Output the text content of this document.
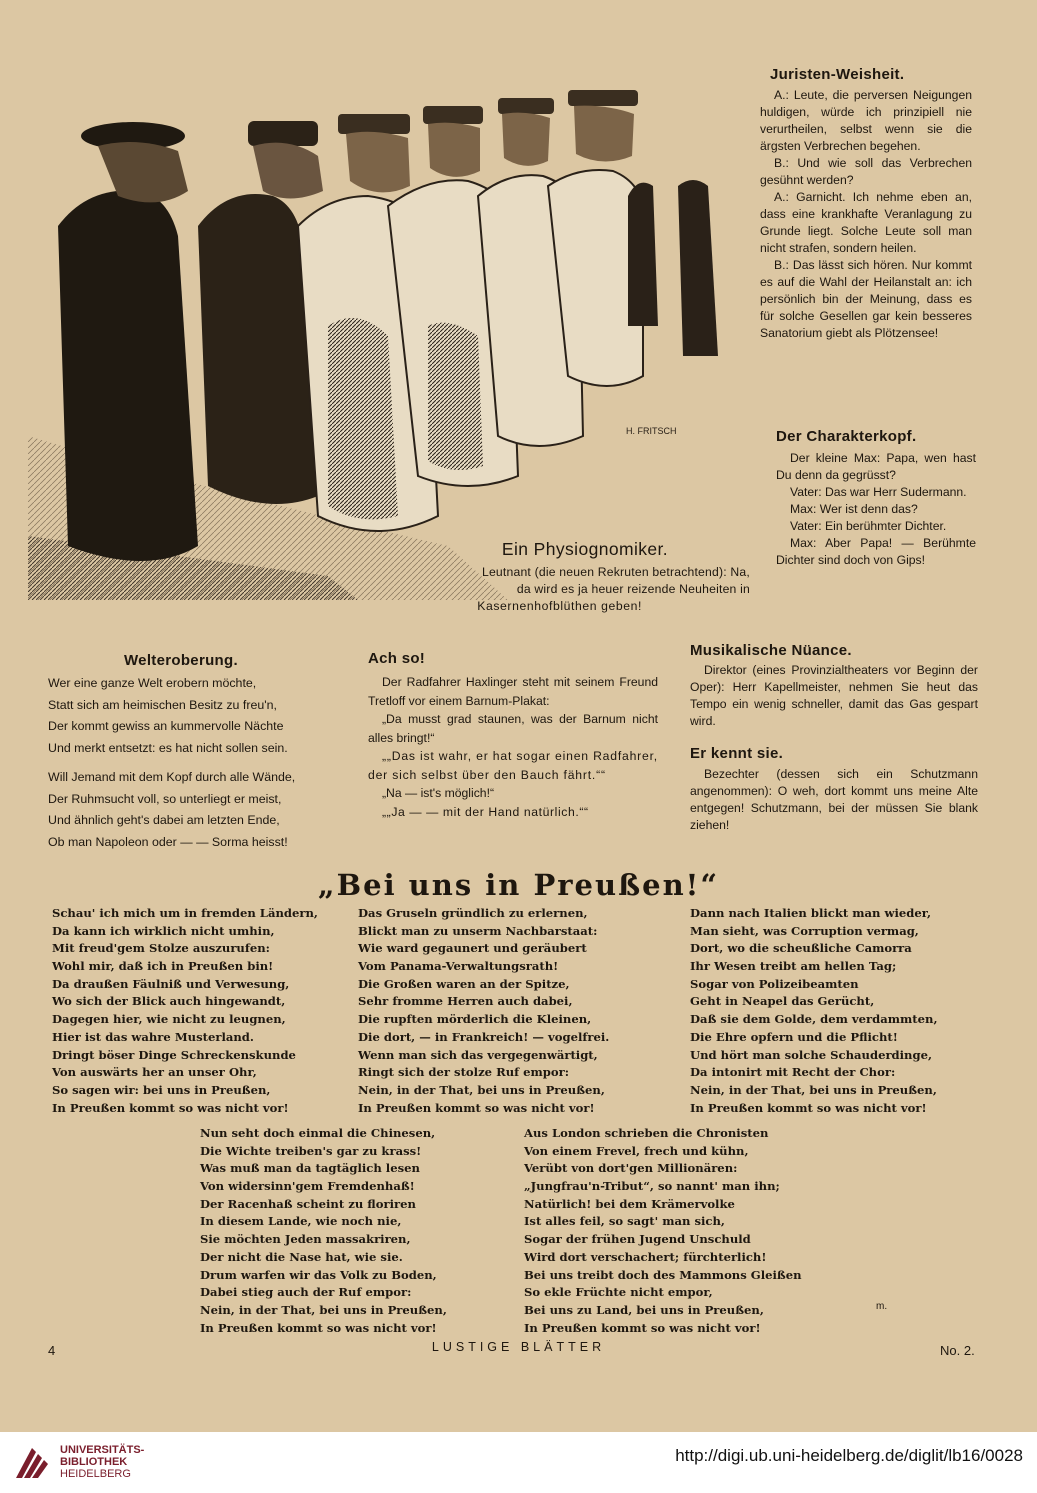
H. FRITSCH
Ein Physiognomiker.
Leutnant (die neuen Rekruten betrachtend): Na,
da wird es ja heuer reizende Neuheiten in
Kasernenhofblüthen geben!
Juristen-Weisheit.

A.: Leute, die perversen Neigungen huldigen, würde ich prinzipiell nie verurtheilen, selbst wenn sie die ärgsten Verbrechen begehen.

B.: Und wie soll das Verbrechen gesühnt werden?

A.: Garnicht. Ich nehme eben an, dass eine krankhafte Veranlagung zu Grunde liegt. Solche Leute soll man nicht strafen, sondern heilen.

B.: Das lässt sich hören. Nur kommt es auf die Wahl der Heilanstalt an: ich persönlich bin der Meinung, dass es für solche Gesellen gar kein besseres Sanatorium giebt als Plötzensee!

Der Charakterkopf.

Der kleine Max: Papa, wen hast Du denn da gegrüsst?

Vater: Das war Herr Sudermann.

Max: Wer ist denn das?

Vater: Ein berühmter Dichter.

Max: Aber Papa! — Berühmte Dichter sind doch von Gips!

Welteroberung.
Wer eine ganze Welt erobern möchte,
Statt sich am heimischen Besitz zu freu'n,
Der kommt gewiss an kummervolle Nächte
Und merkt entsetzt: es hat nicht sollen sein.
Will Jemand mit dem Kopf durch alle Wände,
Der Ruhmsucht voll, so unterliegt er meist,
Und ähnlich geht's dabei am letzten Ende,
Ob man Napoleon oder — — Sorma heisst!
Ach so!

Der Radfahrer Haxlinger steht mit seinem Freund Tretloff vor einem Barnum-Plakat:

„Da musst grad staunen, was der Barnum nicht alles bringt!“

„„Das ist wahr, er hat sogar einen Radfahrer, der sich selbst über den Bauch fährt.““

„Na — ist's möglich!“

„„Ja — — mit der Hand natürlich.““

Musikalische Nüance.

Direktor (eines Provinzialtheaters vor Beginn der Oper): Herr Kapellmeister, nehmen Sie heut das Tempo ein wenig schneller, damit das Gas gespart wird.

Er kennt sie.

Bezechter (dessen sich ein Schutzmann angenommen): O weh, dort kommt uns meine Alte entgegen! Schutzmann, bei der müssen Sie blank ziehen!

„Bei uns in Preußen!“
Schau' ich mich um in fremden Ländern,
Da kann ich wirklich nicht umhin,
Mit freud'gem Stolze auszurufen:
Wohl mir, daß ich in Preußen bin!
Da draußen Fäulniß und Verwesung,
Wo sich der Blick auch hingewandt,
Dagegen hier, wie nicht zu leugnen,
Hier ist das wahre Musterland.
Dringt böser Dinge Schreckenskunde
Von auswärts her an unser Ohr,
So sagen wir: bei uns in Preußen,
In Preußen kommt so was nicht vor!
Das Gruseln gründlich zu erlernen,
Blickt man zu unserm Nachbarstaat:
Wie ward gegaunert und geräubert
Vom Panama-Verwaltungsrath!
Die Großen waren an der Spitze,
Sehr fromme Herren auch dabei,
Die rupften mörderlich die Kleinen,
Die dort, — in Frankreich! — vogelfrei.
Wenn man sich das vergegenwärtigt,
Ringt sich der stolze Ruf empor:
Nein, in der That, bei uns in Preußen,
In Preußen kommt so was nicht vor!
Dann nach Italien blickt man wieder,
Man sieht, was Corruption vermag,
Dort, wo die scheußliche Camorra
Ihr Wesen treibt am hellen Tag;
Sogar von Polizeibeamten
Geht in Neapel das Gerücht,
Daß sie dem Golde, dem verdammten,
Die Ehre opfern und die Pflicht!
Und hört man solche Schauderdinge,
Da intonirt mit Recht der Chor:
Nein, in der That, bei uns in Preußen,
In Preußen kommt so was nicht vor!
Nun seht doch einmal die Chinesen,
Die Wichte treiben's gar zu krass!
Was muß man da tagtäglich lesen
Von widersinn'gem Fremdenhaß!
Der Racenhaß scheint zu floriren
In diesem Lande, wie noch nie,
Sie möchten Jeden massakriren,
Der nicht die Nase hat, wie sie.
Drum warfen wir das Volk zu Boden,
Dabei stieg auch der Ruf empor:
Nein, in der That, bei uns in Preußen,
In Preußen kommt so was nicht vor!
Aus London schrieben die Chronisten
Von einem Frevel, frech und kühn,
Verübt von dort'gen Millionären:
„Jungfrau'n-Tribut“, so nannt' man ihn;
Natürlich! bei dem Krämervolke
Ist alles feil, so sagt' man sich,
Sogar der frühen Jugend Unschuld
Wird dort verschachert; fürchterlich!
Bei uns treibt doch des Mammons Gleißen
So ekle Früchte nicht empor,
Bei uns zu Land, bei uns in Preußen,
In Preußen kommt so was nicht vor!
m.
4	LUSTIGE BLÄTTER	No. 2.
UNIVERSITÄTS-
BIBLIOTHEK
HEIDELBERG
http://digi.ub.uni-heidelberg.de/diglit/lb16/0028
